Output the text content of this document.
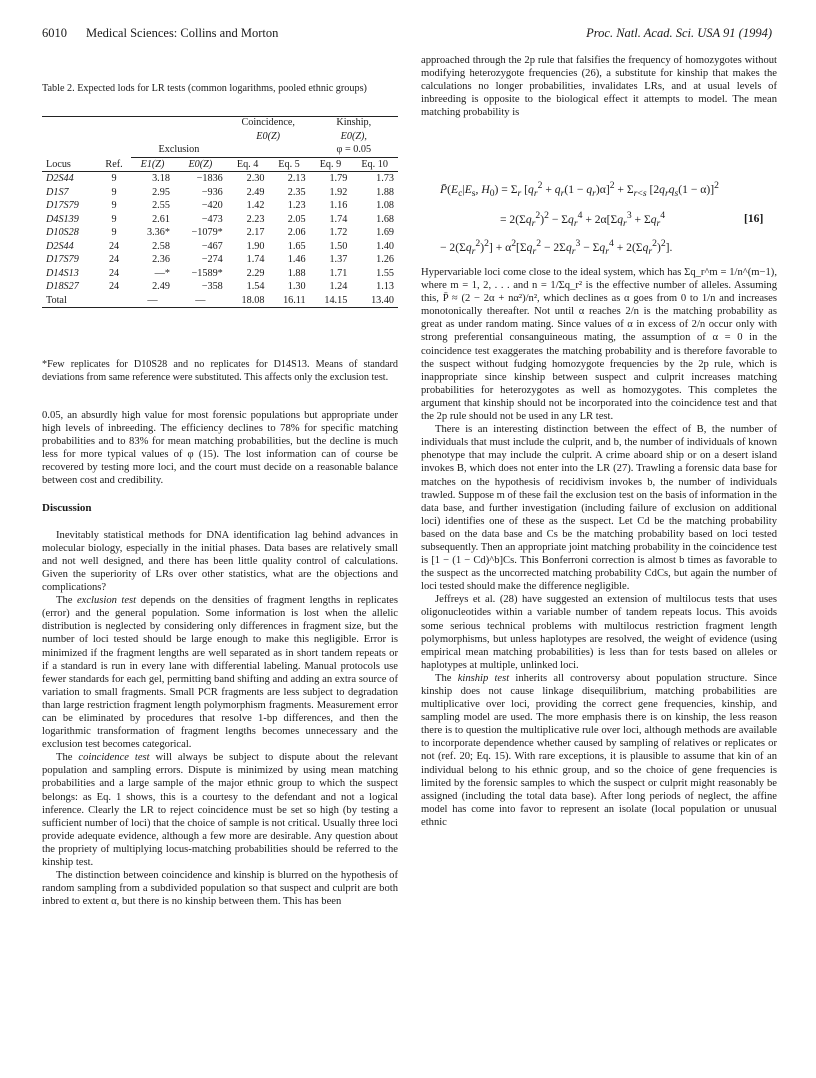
6010 Medical Sciences: Collins and Morton	Proc. Natl. Acad. Sci. USA 91 (1994)
Table 2. Expected lods for LR tests (common logarithms, pooled ethnic groups)
				Coincidence,		Kinship,	
				E0(Z)		E0(Z),	
		Exclusion				φ = 0.05	
Locus	Ref.	E1(Z)	E0(Z)	Eq. 4	Eq. 5	Eq. 9	Eq. 10
D2S44	9	3.18	−1836	2.30	2.13	1.79	1.73
D1S7	9	2.95	−936	2.49	2.35	1.92	1.88
D17S79	9	2.55	−420	1.42	1.23	1.16	1.08
D4S139	9	2.61	−473	2.23	2.05	1.74	1.68
D10S28	9	3.36*	−1079*	2.17	2.06	1.72	1.69
D2S44	24	2.58	−467	1.90	1.65	1.50	1.40
D17S79	24	2.36	−274	1.74	1.46	1.37	1.26
D14S13	24	—*	−1589*	2.29	1.88	1.71	1.55
D18S27	24	2.49	−358	1.54	1.30	1.24	1.13
Total		—	—	18.08	16.11	14.15	13.40
*Few replicates for D10S28 and no replicates for D14S13. Means of standard deviations from same reference were substituted. This affects only the exclusion test.

0.05, an absurdly high value for most forensic populations but appropriate under high levels of inbreeding. The efficiency declines to 78% for specific matching probabilities and to 83% for mean matching probabilities, but the decline is much less for more typical values of φ (15). The lost information can of course be recovered by testing more loci, and the court must decide on a reasonable balance between cost and credibility.

Discussion

Inevitably statistical methods for DNA identification lag behind advances in molecular biology, especially in the initial phases. Data bases are relatively small and not well designed, and there has been little quality control of calculations. Given the superiority of LRs over other statistics, what are the objections and complications?

The exclusion test depends on the densities of fragment lengths in replicates (error) and the general population. Some information is lost when the allelic distribution is neglected by considering only differences in fragment size, but the number of loci tested should be large enough to make this negligible. Error is minimized if the fragment lengths are well separated as in short tandem repeats or if a standard is run in every lane with differential labeling. Manual protocols use fewer standards for each gel, permitting band shifting and adding an extra source of variation to small fragments. Small PCR fragments are less subject to degradation than large restriction fragment length polymorphism fragments. Measurement error can be eliminated by procedures that resolve 1-bp differences, and then the logarithmic transformation of fragment lengths becomes unnecessary and the exclusion test becomes categorical.

The coincidence test will always be subject to dispute about the relevant population and sampling errors. Dispute is minimized by using mean matching probabilities and a large sample of the major ethnic group to which the suspect belongs: as Eq. 1 shows, this is a courtesy to the defendant and not a logical inference. Clearly the LR to reject coincidence must be set so high (by testing a sufficient number of loci) that the choice of sample is not critical. Usually three loci provide adequate evidence, although a few more are desirable. Any question about the propriety of multiplying locus-matching probabilities should be referred to the kinship test.

The distinction between coincidence and kinship is blurred on the hypothesis of random sampling from a subdivided population so that suspect and culprit are both inbred to extent α, but there is no kinship between them. This has been

approached through the 2p rule that falsifies the frequency of homozygotes without modifying heterozygote frequencies (26), a substitute for kinship that makes the calculations no longer probabilities, invalidates LRs, and at usual levels of inbreeding is opposite to the biological effect it attempts to model. The mean matching probability is

$P̄(E_c|E_s$, $H_0) = \Sigma_r$ $[q_r^2 + q_r(1 - q_r)\alpha]^2 + \Sigma_{r<s}$ $[2q_rq_s(1 - \alpha)]^2$
= $2(\Sigma q_r^2)^2 - \Sigma q_r^4 + 2\alpha[\Sigma q_r^3 + \Sigma q_r^4$	[16]
− $2(\Sigma q_r^2)^2] + \alpha^2[\Sigma q_r^2 - 2\Sigma q_r^3 - \Sigma q_r^4 + 2(\Sigma q_r^2)^2]$.

Hypervariable loci come close to the ideal system, which has Σq_r^m = 1/n^(m−1), where m = 1, 2, . . . and n = 1/Σq_r² is the effective number of alleles. Assuming this, P̄ ≈ (2 − 2α + nα²)/n², which declines as α goes from 0 to 1/n and increases monotonically thereafter. Not until α reaches 2/n is the matching probability as great as under random mating. Since values of α in excess of 2/n occur only with strong preferential consanguineous mating, the assumption of α = 0 in the coincidence test exaggerates the matching probability and is therefore favorable to the suspect without fudging homozygote frequencies by the 2p rule, which is inappropriate since kinship between suspect and culprit increases matching probabilities for heterozygotes as well as homozygotes. This completes the argument that kinship should not be incorporated into the coincidence test and that the 2p rule should not be used in any LR test.

There is an interesting distinction between the effect of B, the number of individuals that must include the culprit, and b, the number of individuals of known phenotype that may include the culprit. A crime aboard ship or on a desert island invokes B, which does not enter into the LR (27). Trawling a forensic data base for matches on the hypothesis of recidivism invokes b, the number of individuals trawled. Suppose m of these fail the exclusion test on the basis of information in the data base, and further investigation (including failure of exclusion on additional loci) identifies one of these as the suspect. Let Cd be the matching probability based on the data base and Cs be the matching probability based on loci tested subsequently. Then an appropriate joint matching probability in the coincidence test is [1 − (1 − Cd)^b]Cs. This Bonferroni correction is almost b times as favorable to the suspect as the uncorrected matching probability CdCs, but again the number of loci tested should make the difference negligible.

Jeffreys et al. (28) have suggested an extension of multilocus tests that uses oligonucleotides within a variable number of tandem repeats locus. This avoids some serious technical problems with multilocus restriction fragment length polymorphisms, but unless haplotypes are resolved, the weight of evidence (using empirical mean matching probabilities) is less than for tests based on alleles or haplotypes at multiple, unlinked loci.

The kinship test inherits all controversy about population structure. Since kinship does not cause linkage disequilibrium, matching probabilities are multiplicative over loci, providing the correct gene frequencies, kinship, and sampling model are used. The more emphasis there is on kinship, the less reason there is to question the multiplicative rule over loci, although methods are available to incorporate dependence whether caused by sampling of relatives or replicates or not (ref. 20; Eq. 15). With rare exceptions, it is plausible to assume that kin of an individual belong to his ethnic group, and so the choice of gene frequencies is limited by the forensic samples to which the suspect or culprit might reasonably be assigned (including the total data base). After long periods of neglect, the affine model has come into favor to represent an isolate (local population or unusual ethnic
